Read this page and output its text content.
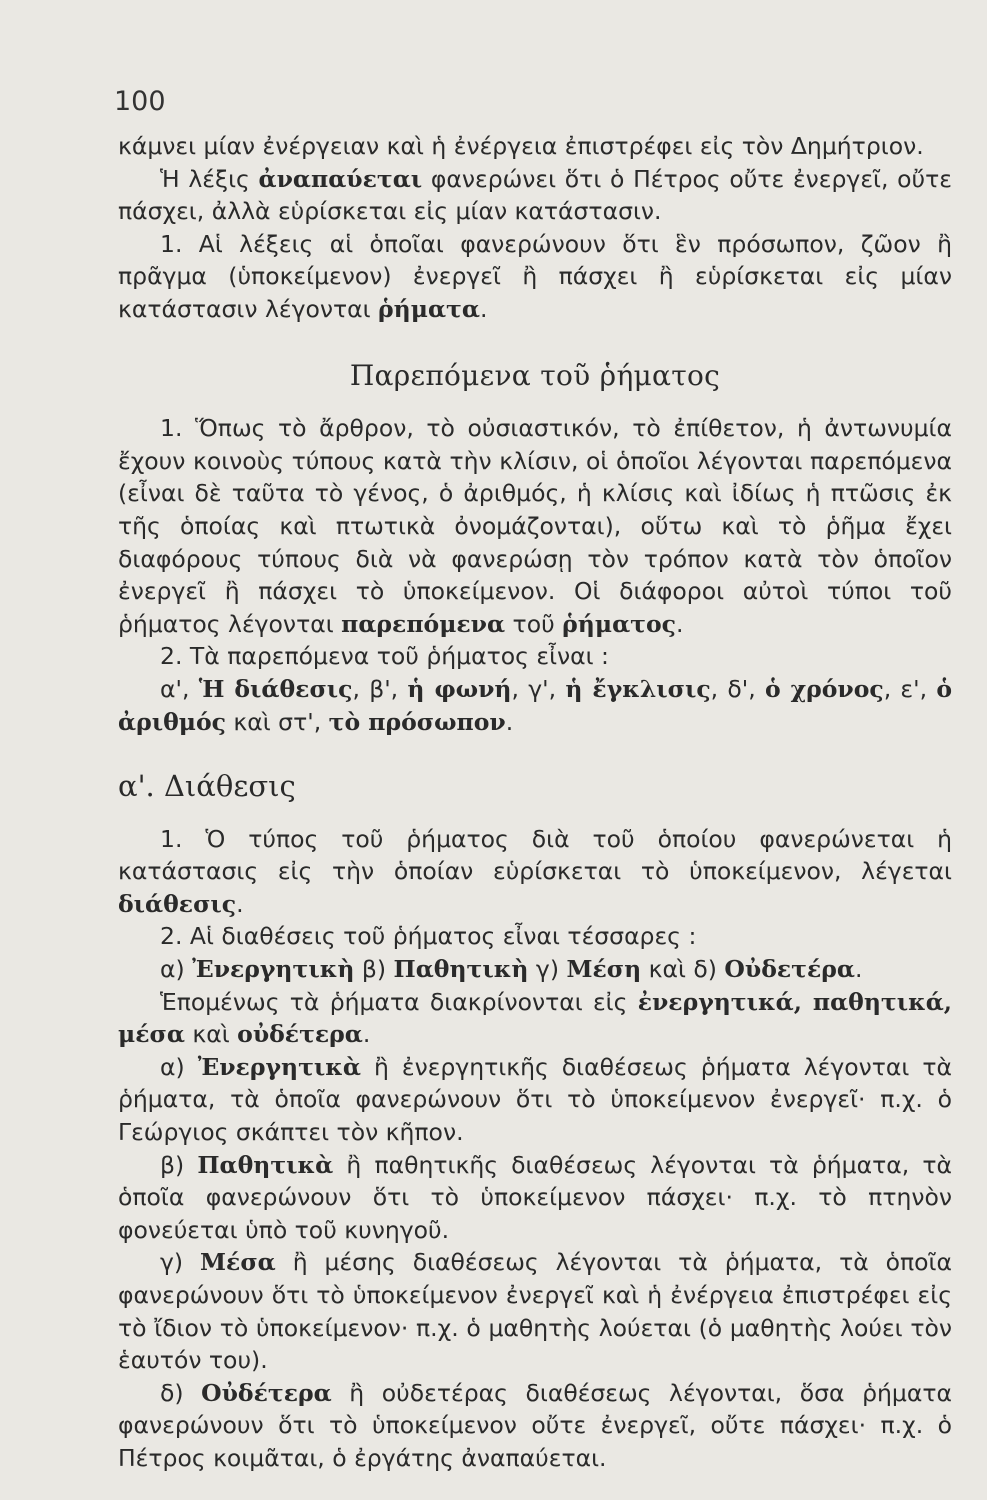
100

κάμνει μίαν ἐνέργειαν καὶ ἡ ἐνέργεια ἐπιστρέφει εἰς τὸν Δημήτριον.

Ἡ λέξις ἀναπαύεται φανερώνει ὅτι ὁ Πέτρος οὔτε ἐνεργεῖ, οὔτε πάσχει, ἀλλὰ εὑρίσκεται εἰς μίαν κατάστασιν.

1. Αἱ λέξεις αἱ ὁποῖαι φανερώνουν ὅτι ἓν πρόσωπον, ζῶον ἢ πρᾶγμα (ὑποκείμενον) ἐνεργεῖ ἢ πάσχει ἢ εὑρίσκεται εἰς μίαν κατάστασιν λέγονται ῥήματα.

Παρεπόμενα τοῦ ῥήματος

1. Ὅπως τὸ ἄρθρον, τὸ οὐσιαστικόν, τὸ ἐπίθετον, ἡ ἀντωνυμία ἔχουν κοινοὺς τύπους κατὰ τὴν κλίσιν, οἱ ὁποῖοι λέγονται παρεπόμενα (εἶναι δὲ ταῦτα τὸ γένος, ὁ ἀριθμός, ἡ κλίσις καὶ ἰδίως ἡ πτῶσις ἐκ τῆς ὁποίας καὶ πτωτικὰ ὀνομάζονται), οὕτω καὶ τὸ ῥῆμα ἔχει διαφόρους τύπους διὰ νὰ φανερώσῃ τὸν τρόπον κατὰ τὸν ὁποῖον ἐνεργεῖ ἢ πάσχει τὸ ὑποκείμενον. Οἱ διάφοροι αὐτοὶ τύποι τοῦ ῥήματος λέγονται παρεπόμενα τοῦ ῥήματος.

2. Τὰ παρεπόμενα τοῦ ῥήματος εἶναι :

α', Ἡ διάθεσις, β', ἡ φωνή, γ', ἡ ἔγκλισις, δ', ὁ χρόνος, ε', ὁ ἀριθμός καὶ στ', τὸ πρόσωπον.

α'. Διάθεσις

1. Ὁ τύπος τοῦ ῥήματος διὰ τοῦ ὁποίου φανερώνεται ἡ κατάστασις εἰς τὴν ὁποίαν εὑρίσκεται τὸ ὑποκείμενον, λέγεται διάθεσις.

2. Αἱ διαθέσεις τοῦ ῥήματος εἶναι τέσσαρες :

α) Ἐνεργητικὴ β) Παθητικὴ γ) Μέση καὶ δ) Οὐδετέρα.

Ἑπομένως τὰ ῥήματα διακρίνονται εἰς ἐνεργητικά, παθητικά, μέσα καὶ οὐδέτερα.

α) Ἐνεργητικὰ ἢ ἐνεργητικῆς διαθέσεως ῥήματα λέγονται τὰ ῥήματα, τὰ ὁποῖα φανερώνουν ὅτι τὸ ὑποκείμενον ἐνεργεῖ· π.χ. ὁ Γεώργιος σκάπτει τὸν κῆπον.

β) Παθητικὰ ἢ παθητικῆς διαθέσεως λέγονται τὰ ῥήματα, τὰ ὁποῖα φανερώνουν ὅτι τὸ ὑποκείμενον πάσχει· π.χ. τὸ πτηνὸν φονεύεται ὑπὸ τοῦ κυνηγοῦ.

γ) Μέσα ἢ μέσης διαθέσεως λέγονται τὰ ῥήματα, τὰ ὁποῖα φανερώνουν ὅτι τὸ ὑποκείμενον ἐνεργεῖ καὶ ἡ ἐνέργεια ἐπιστρέφει εἰς τὸ ἴδιον τὸ ὑποκείμενον· π.χ. ὁ μαθητὴς λούεται (ὁ μαθητὴς λούει τὸν ἑαυτόν του).

δ) Οὐδέτερα ἢ οὐδετέρας διαθέσεως λέγονται, ὅσα ῥήματα φανερώνουν ὅτι τὸ ὑποκείμενον οὔτε ἐνεργεῖ, οὔτε πάσχει· π.χ. ὁ Πέτρος κοιμᾶται, ὁ ἐργάτης ἀναπαύεται.
